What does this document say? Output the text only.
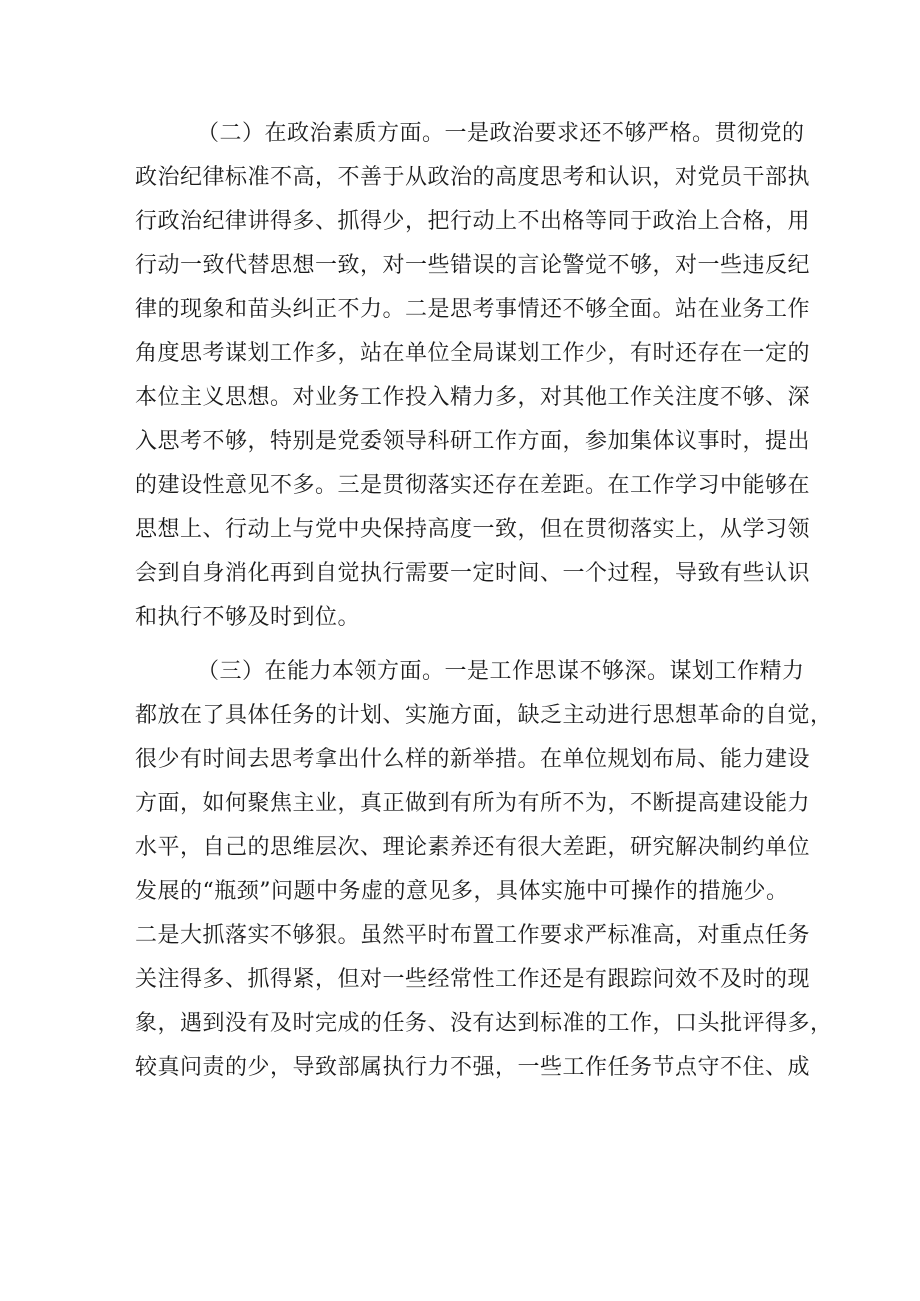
（二）在政治素质方面。一是政治要求还不够严格。贯彻党的
政治纪律标准不高，不善于从政治的高度思考和认识，对党员干部执
行政治纪律讲得多、抓得少，把行动上不出格等同于政治上合格，用
行动一致代替思想一致，对一些错误的言论警觉不够，对一些违反纪
律的现象和苗头纠正不力。二是思考事情还不够全面。站在业务工作
角度思考谋划工作多，站在单位全局谋划工作少，有时还存在一定的
本位主义思想。对业务工作投入精力多，对其他工作关注度不够、深
入思考不够，特别是党委领导科研工作方面，参加集体议事时，提出
的建设性意见不多。三是贯彻落实还存在差距。在工作学习中能够在
思想上、行动上与党中央保持高度一致，但在贯彻落实上，从学习领
会到自身消化再到自觉执行需要一定时间、一个过程，导致有些认识
和执行不够及时到位。

（三）在能力本领方面。一是工作思谋不够深。谋划工作精力
都放在了具体任务的计划、实施方面，缺乏主动进行思想革命的自觉，
很少有时间去思考拿出什么样的新举措。在单位规划布局、能力建设
方面，如何聚焦主业，真正做到有所为有所不为，不断提高建设能力
水平，自己的思维层次、理论素养还有很大差距，研究解决制约单位
发展的“瓶颈”问题中务虚的意见多，具体实施中可操作的措施少。
二是大抓落实不够狠。虽然平时布置工作要求严标准高，对重点任务
关注得多、抓得紧，但对一些经常性工作还是有跟踪问效不及时的现
象，遇到没有及时完成的任务、没有达到标准的工作，口头批评得多，
较真问责的少，导致部属执行力不强，一些工作任务节点守不住、成
